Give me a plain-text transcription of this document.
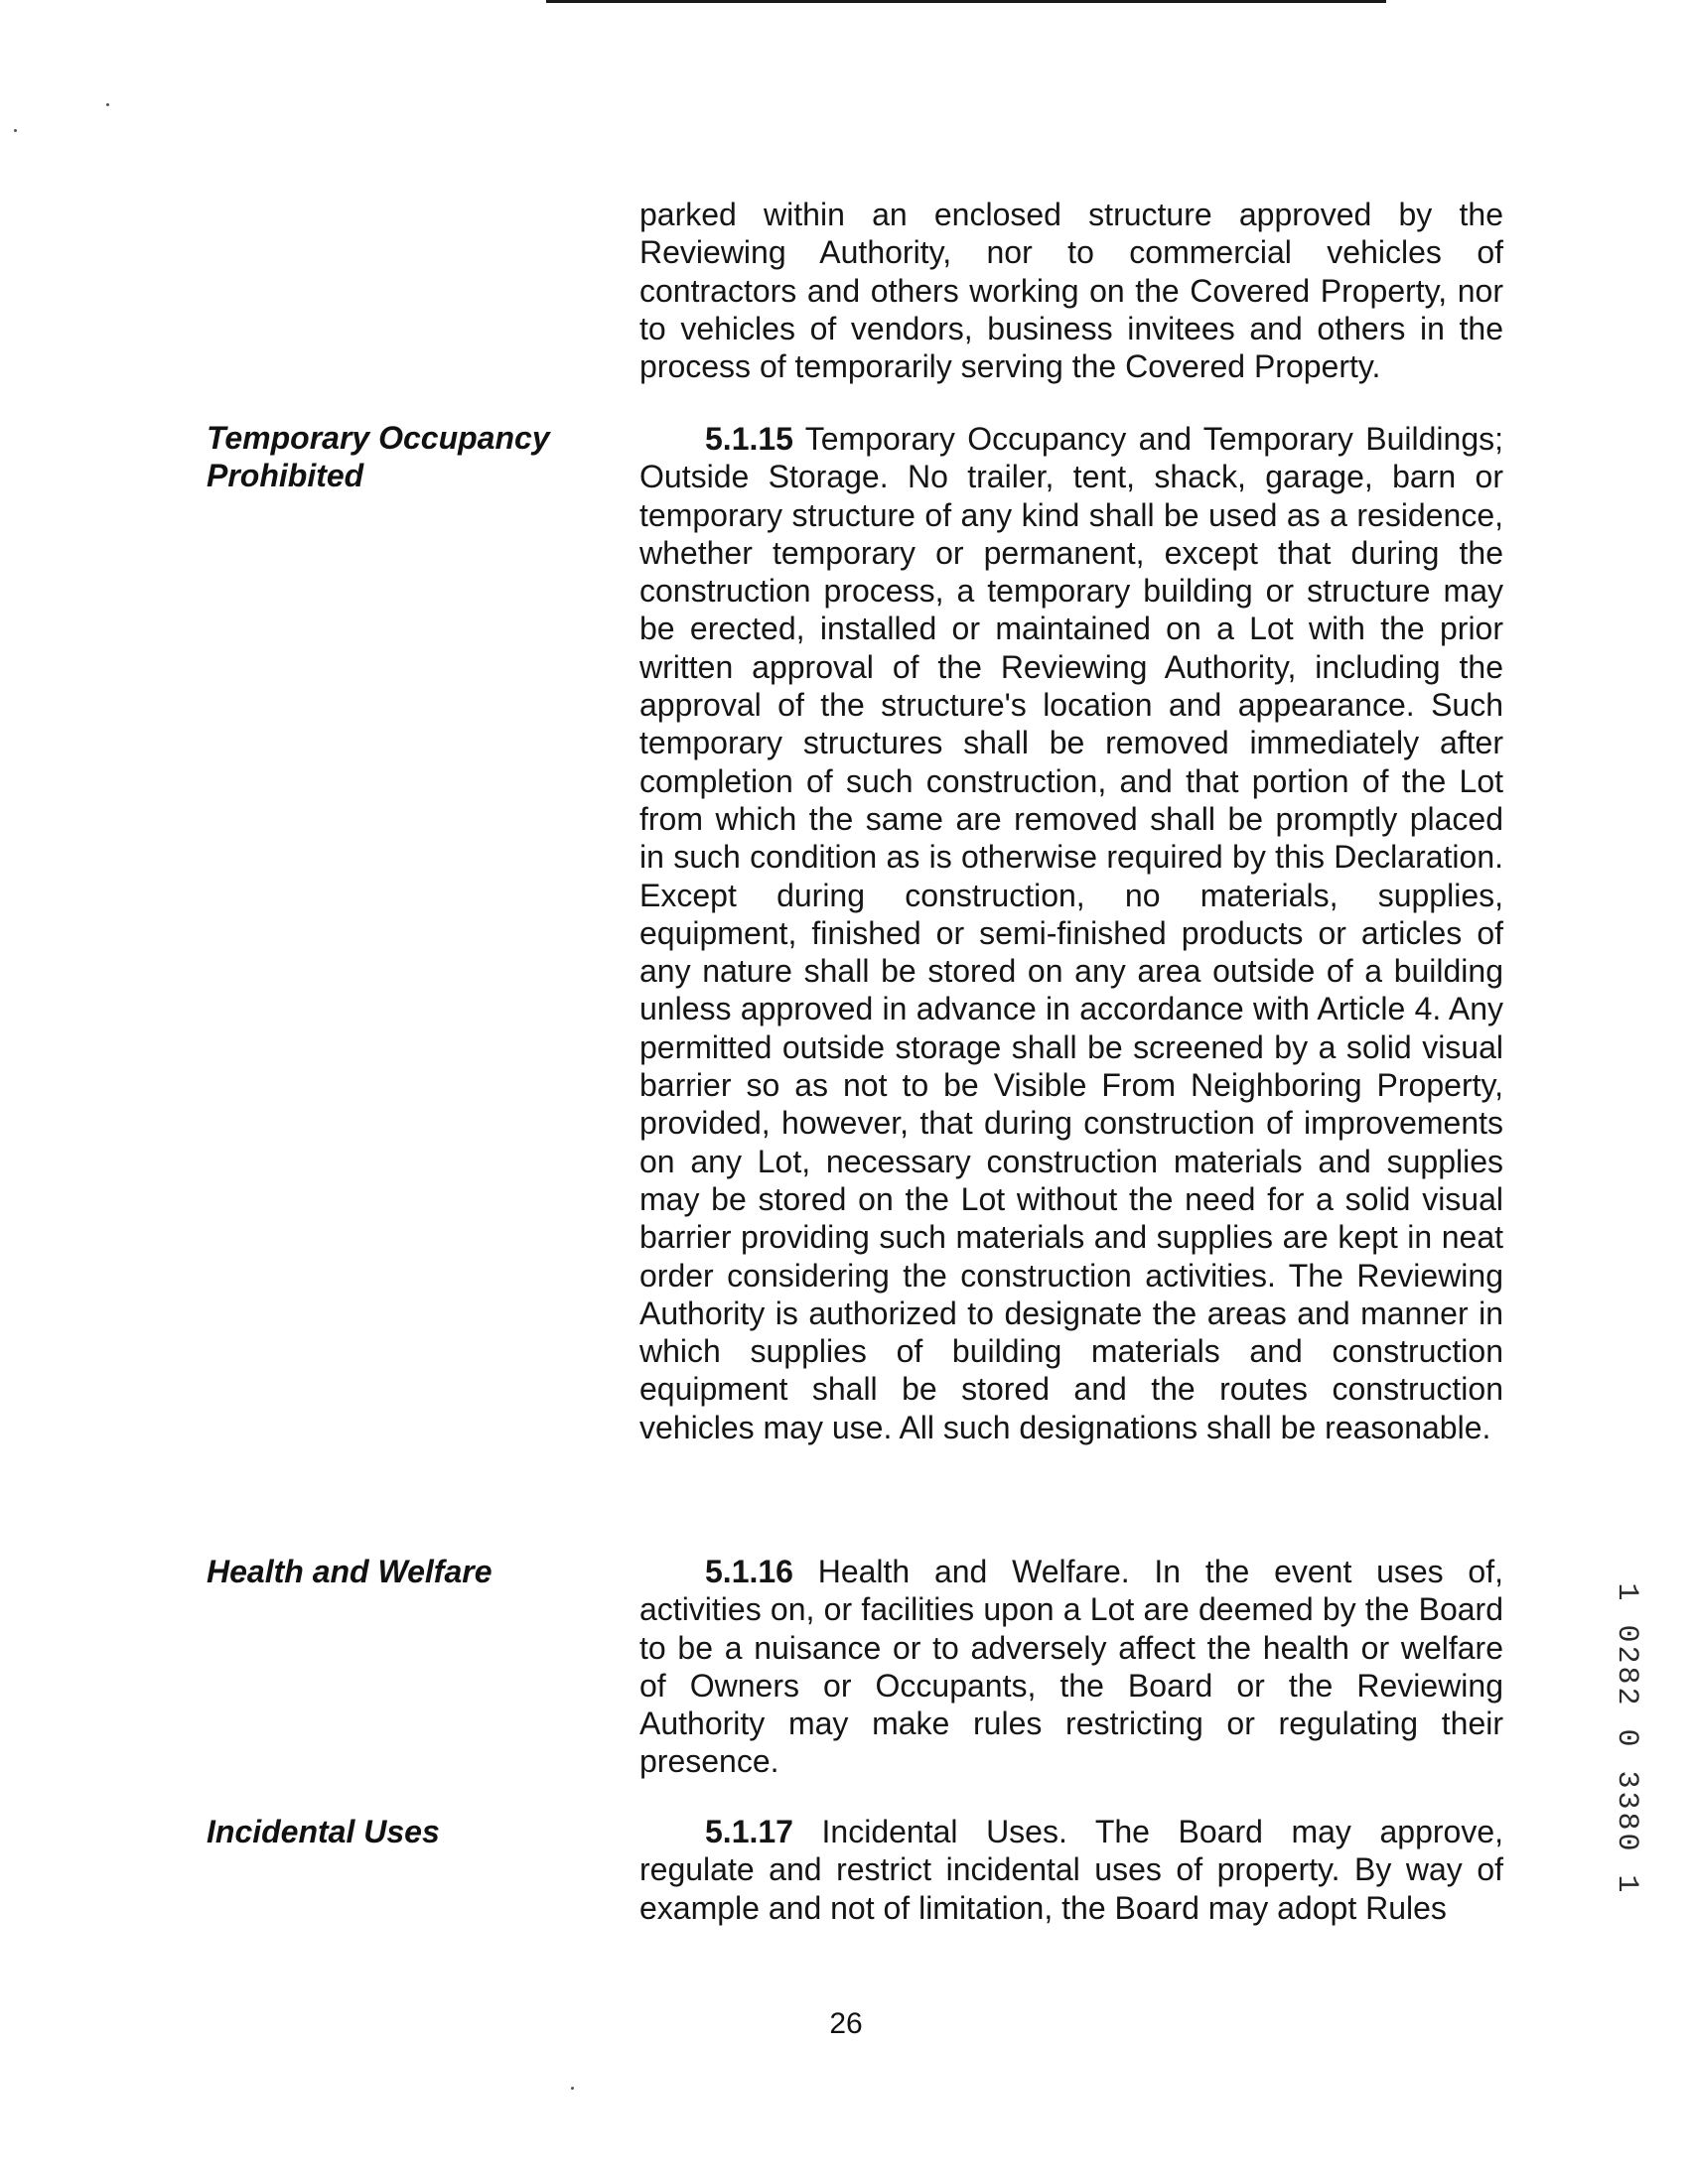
parked within an enclosed structure approved by the Reviewing Authority, nor to commercial vehicles of contractors and others working on the Covered Property, nor to vehicles of vendors, business invitees and others in the process of temporarily serving the Covered Property.
Temporary Occupancy
Prohibited
5.1.15 Temporary Occupancy and Temporary Buildings; Outside Storage. No trailer, tent, shack, garage, barn or temporary structure of any kind shall be used as a residence, whether temporary or permanent, except that during the construction process, a temporary building or structure may be erected, installed or maintained on a Lot with the prior written approval of the Reviewing Authority, including the approval of the structure's location and appearance. Such temporary structures shall be removed immediately after completion of such construction, and that portion of the Lot from which the same are removed shall be promptly placed in such condition as is otherwise required by this Declaration. Except during construction, no materials, supplies, equipment, finished or semi-finished products or articles of any nature shall be stored on any area outside of a building unless approved in advance in accordance with Article 4. Any permitted outside storage shall be screened by a solid visual barrier so as not to be Visible From Neighboring Property, provided, however, that during construction of improvements on any Lot, necessary construction materials and supplies may be stored on the Lot without the need for a solid visual barrier providing such materials and supplies are kept in neat order considering the construction activities. The Reviewing Authority is authorized to designate the areas and manner in which supplies of building materials and construction equipment shall be stored and the routes construction vehicles may use. All such designations shall be reasonable.
Health and Welfare	5.1.16 Health and Welfare. In the event uses of, activities on, or facilities upon a Lot are deemed by the Board to be a nuisance or to adversely affect the health or welfare of Owners or Occupants, the Board or the Reviewing Authority may make rules restricting or regulating their presence.
Incidental Uses	5.1.17 Incidental Uses. The Board may approve, regulate and restrict incidental uses of property. By way of example and not of limitation, the Board may adopt Rules
26
1 0282 0 3380 1
